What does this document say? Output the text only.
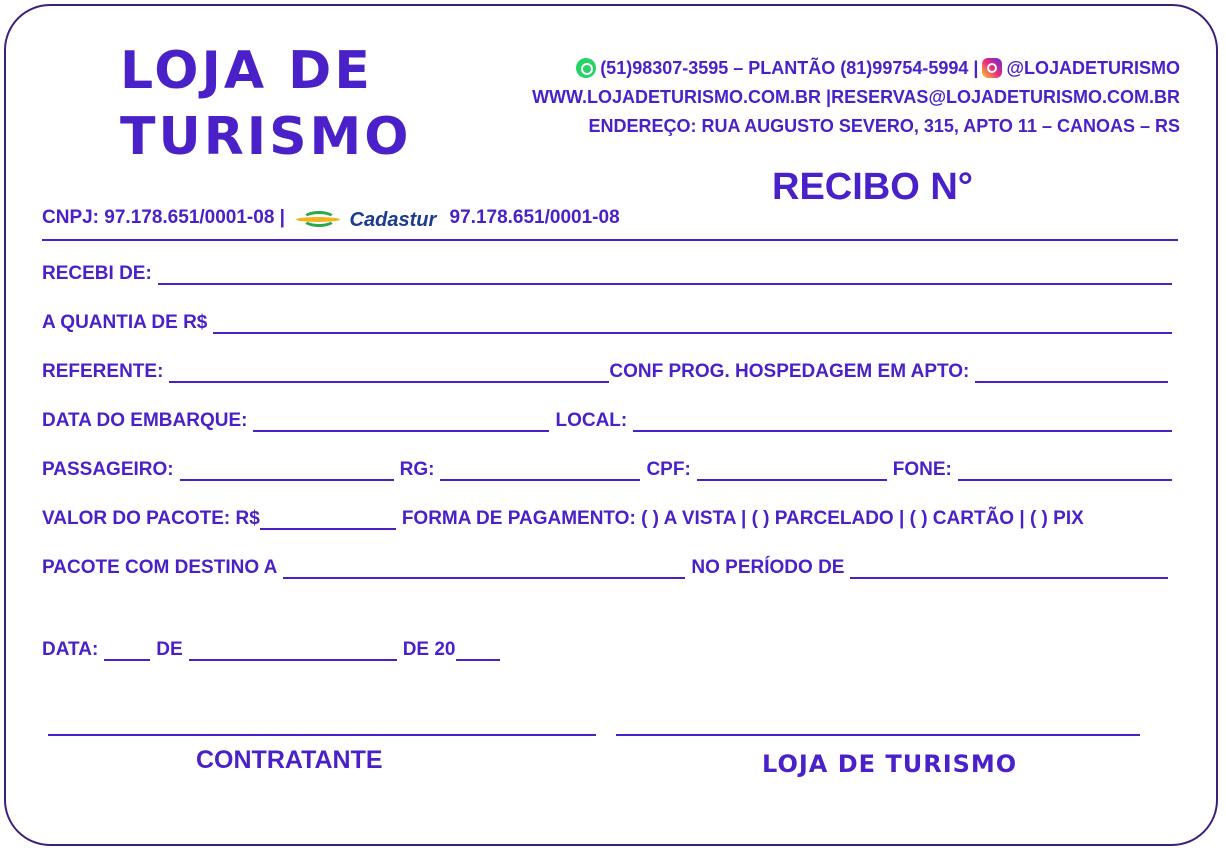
LOJA DE
TURISMO
(51)98307-3595 – PLANTÃO (81)99754-5994 | @LOJADETURISMO
WWW.LOJADETURISMO.COM.BR |RESERVAS@LOJADETURISMO.COM.BR
ENDEREÇO: RUA AUGUSTO SEVERO, 315, APTO 11 – CANOAS – RS
RECIBO N°
CNPJ: 97.178.651/0001-08 |	Cadastur 97.178.651/0001-08
RECEBI DE:
A QUANTIA DE R$
REFERENTE:	CONF PROG. HOSPEDAGEM EM APTO:
DATA DO EMBARQUE:	LOCAL:
PASSAGEIRO:	RG:	CPF:	FONE:
VALOR DO PACOTE: R$	FORMA DE PAGAMENTO: ( ) A VISTA | ( ) PARCELADO | ( ) CARTÃO | ( ) PIX
PACOTE COM DESTINO A	NO PERÍODO DE
DATA:	DE	DE 20
CONTRATANTE	LOJA DE TURISMO
